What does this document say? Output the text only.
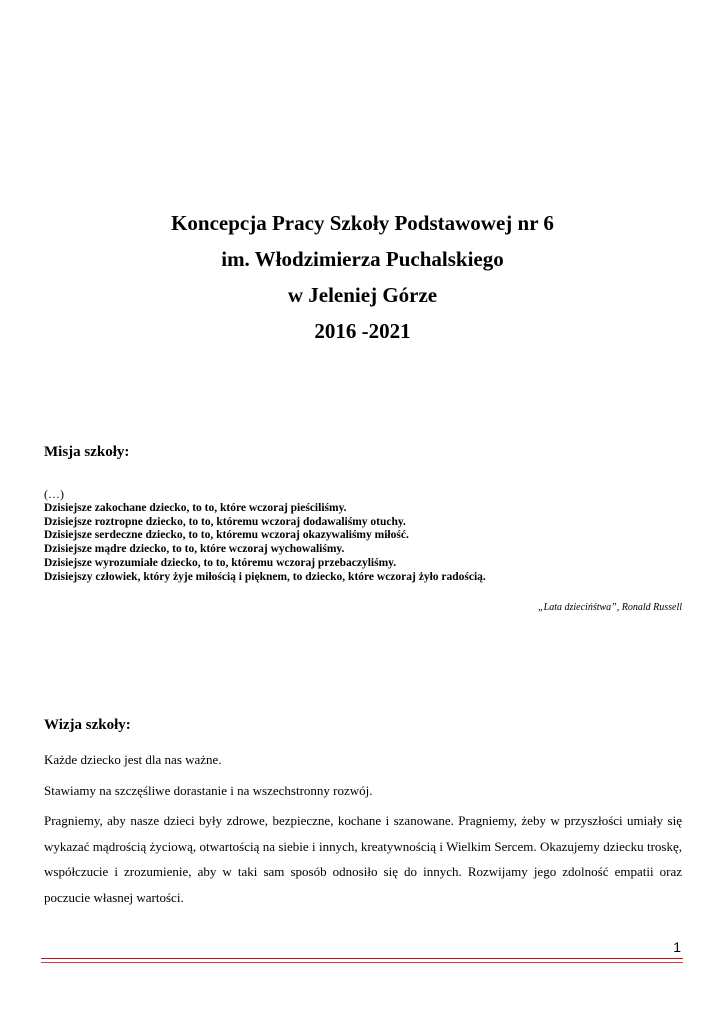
Koncepcja Pracy Szkoły Podstawowej nr 6

im. Włodzimierza Puchalskiego

w Jeleniej Górze

2016 -2021

Misja szkoły:

(…)

Dzisiejsze zakochane dziecko, to to, które wczoraj pieściliśmy.

Dzisiejsze roztropne dziecko, to to, któremu wczoraj dodawaliśmy otuchy.

Dzisiejsze serdeczne dziecko, to to, któremu wczoraj okazywaliśmy miłość.

Dzisiejsze mądre dziecko, to to, które wczoraj wychowaliśmy.

Dzisiejsze wyrozumiałe dziecko, to to, któremu wczoraj przebaczyliśmy.

Dzisiejszy człowiek, który żyje miłością i pięknem, to dziecko, które wczoraj żyło radością.

„Lata dziecińśtwa”, Ronald Russell

Wizja szkoły:

Każde dziecko jest dla nas ważne.

Stawiamy na szczęśliwe dorastanie i na wszechstronny rozwój.

Pragniemy, aby nasze dzieci były zdrowe, bezpieczne, kochane i szanowane. Pragniemy, żeby w przyszłości umiały się wykazać mądrością życiową, otwartością na siebie i innych, kreatywnością i Wielkim Sercem. Okazujemy dziecku troskę, współczucie i zrozumienie, aby w taki sam sposób odnosiło się do innych. Rozwijamy jego zdolność empatii oraz poczucie własnej wartości.

1
